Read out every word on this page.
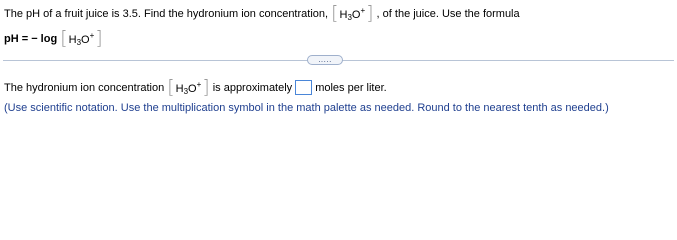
The pH of a fruit juice is 3.5. Find the hydronium ion concentration, [ $H_3O^+$ ] , of the juice. Use the formula
pH = − log [ $H_3O^+$ ]
.....
The hydronium ion concentration [ $H_3O^+$ ] is approximately moles per liter.
(Use scientific notation. Use the multiplication symbol in the math palette as needed. Round to the nearest tenth as needed.)
